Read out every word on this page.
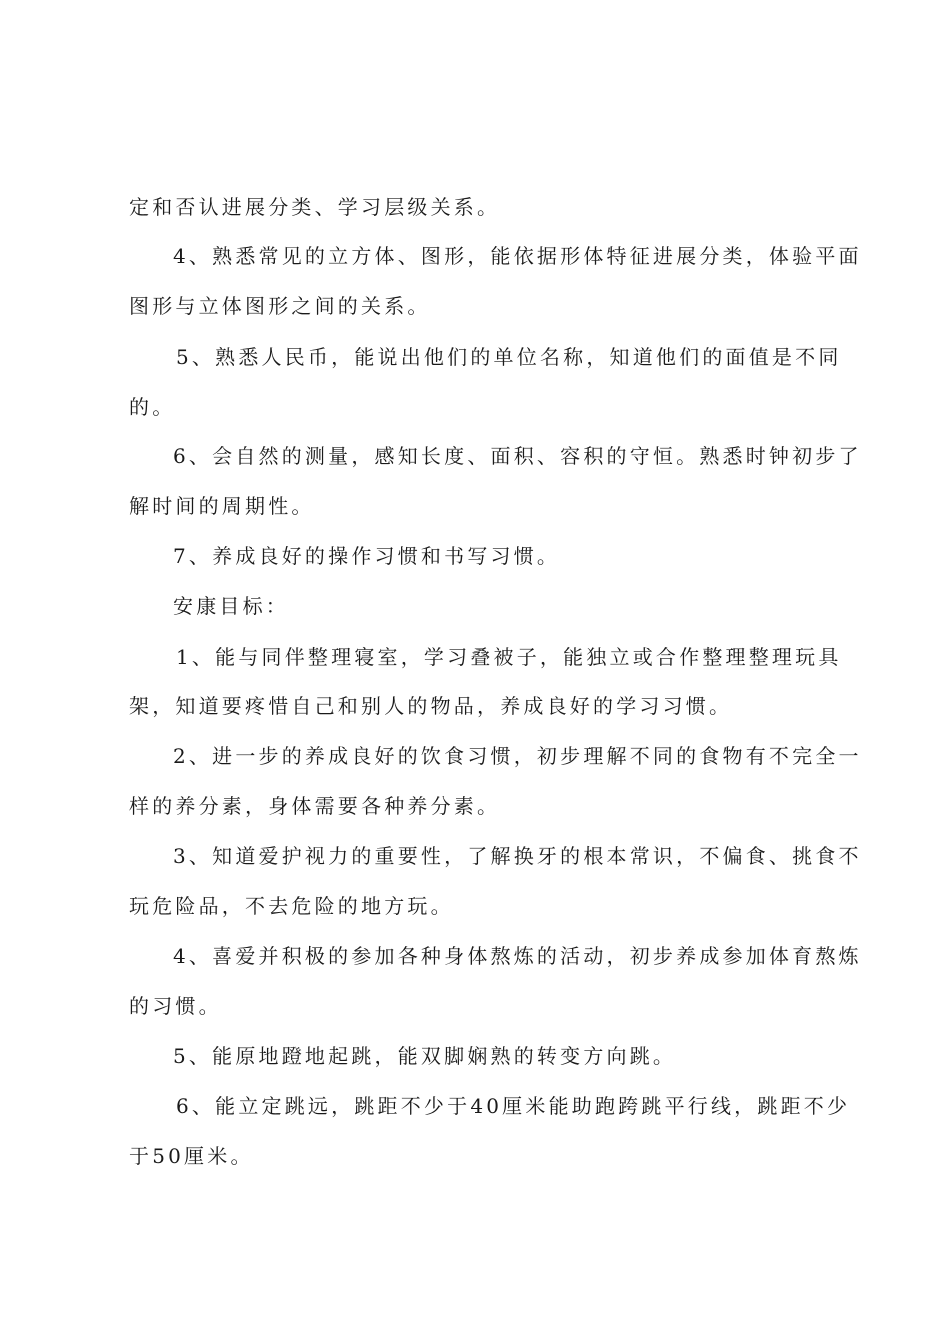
定和否认进展分类、学习层级关系。
4、熟悉常见的立方体、图形，能依据形体特征进展分类，体验平面
图形与立体图形之间的关系。
5、熟悉人民币，能说出他们的单位名称，知道他们的面值是不同
的。
6、会自然的测量，感知长度、面积、容积的守恒。熟悉时钟初步了
解时间的周期性。
7、养成良好的操作习惯和书写习惯。
安康目标：
1、能与同伴整理寝室，学习叠被子，能独立或合作整理整理玩具
架，知道要疼惜自己和别人的物品，养成良好的学习习惯。
2、进一步的养成良好的饮食习惯，初步理解不同的食物有不完全一
样的养分素，身体需要各种养分素。
3、知道爱护视力的重要性，了解换牙的根本常识，不偏食、挑食不
玩危险品，不去危险的地方玩。
4、喜爱并积极的参加各种身体熬炼的活动，初步养成参加体育熬炼
的习惯。
5、能原地蹬地起跳，能双脚娴熟的转变方向跳。
6、能立定跳远，跳距不少于40厘米能助跑跨跳平行线，跳距不少
于50厘米。
